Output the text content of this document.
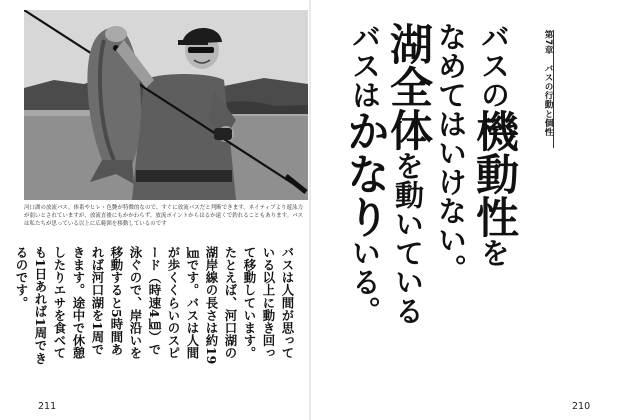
河口湖の放流バス。体系やヒレ・色艶が特徴的なので、すぐに放流バスだと判断できます。ネイティブより遊泳力が弱いとされていますが、放流直後にもかかわらず、放流ポイントからはるか遠くで釣れることもあります。バスは私たちが思っている以上に広範囲を移動しているのです
バスは人間が思っている以上に動き回って移動しています。たとえば、河口湖の湖岸線の長さは約19㎞です。バスは人間が歩くくらいのスピード（時速4㎞）で泳ぐので、岸沿いを移動すると5時間あれば河口湖を1周できます。途中で休憩したりエサを食べても1日あれば1周できるのです。
バスの機動性を
なめてはいけない。
湖全体を動いている
バスはかなりいる。
第7章　バスの行動と個性
211	210
